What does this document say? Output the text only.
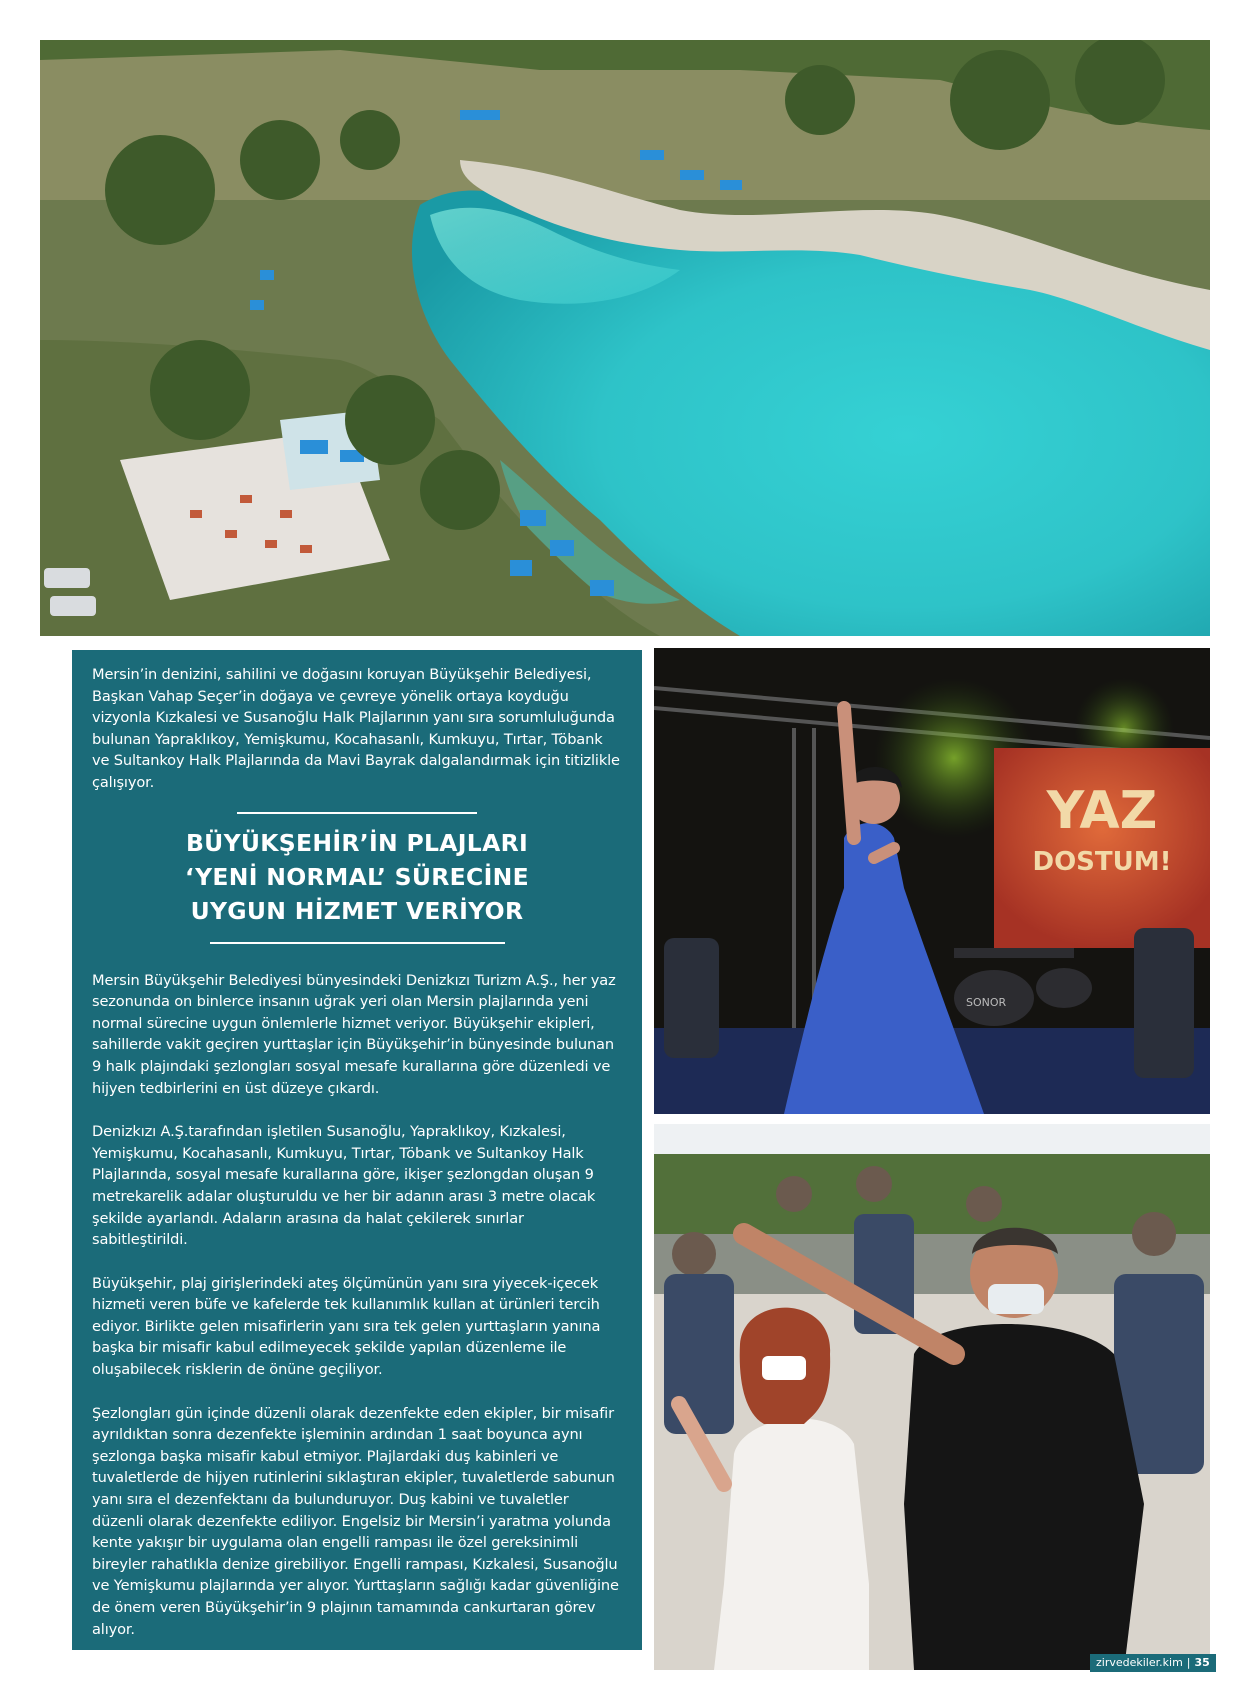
Mersin’in denizini, sahilini ve doğasını koruyan Büyükşehir Belediyesi, Başkan Vahap Seçer’in doğaya ve çevreye yönelik ortaya koyduğu vizyonla Kızkalesi ve Susanoğlu Halk Plajlarının yanı sıra sorumluluğunda bulunan Yapraklıkoy, Yemişkumu, Kocahasanlı, Kumkuyu, Tırtar, Töbank ve Sultankoy Halk Plajlarında da Mavi Bayrak dalgalandırmak için titizlikle çalışıyor.

BÜYÜKŞEHİR’İN PLAJLARI
‘YENİ NORMAL’ SÜRECİNE
UYGUN HİZMET VERİYOR

Mersin Büyükşehir Belediyesi bünyesindeki Denizkızı Turizm A.Ş., her yaz sezonunda on binlerce insanın uğrak yeri olan Mersin plajlarında yeni normal sürecine uygun önlemlerle hizmet veriyor. Büyükşehir ekipleri, sahillerde vakit geçiren yurttaşlar için Büyükşehir’in bünyesinde bulunan 9 halk plajındaki şezlongları sosyal mesafe kurallarına göre düzenledi ve hijyen tedbirlerini en üst düzeye çıkardı.

Denizkızı A.Ş.tarafından işletilen Susanoğlu, Yapraklıkoy, Kızkalesi, Yemişkumu, Kocahasanlı, Kumkuyu, Tırtar, Töbank ve Sultankoy Halk Plajlarında, sosyal mesafe kurallarına göre, ikişer şezlongdan oluşan 9 metrekarelik adalar oluşturuldu ve her bir adanın arası 3 metre olacak şekilde ayarlandı. Adaların arasına da halat çekilerek sınırlar sabitleştirildi.

Büyükşehir, plaj girişlerindeki ateş ölçümünün yanı sıra yiyecek-içecek hizmeti veren büfe ve kafelerde tek kullanımlık kullan at ürünleri tercih ediyor. Birlikte gelen misafirlerin yanı sıra tek gelen yurttaşların yanına başka bir misafir kabul edilmeyecek şekilde yapılan düzenleme ile oluşabilecek risklerin de önüne geçiliyor.

Şezlongları gün içinde düzenli olarak dezenfekte eden ekipler, bir misafir ayrıldıktan sonra dezenfekte işleminin ardından 1 saat boyunca aynı şezlonga başka misafir kabul etmiyor. Plajlardaki duş kabinleri ve tuvaletlerde de hijyen rutinlerini sıklaştıran ekipler, tuvaletlerde sabunun yanı sıra el dezenfektanı da bulunduruyor. Duş kabini ve tuvaletler düzenli olarak dezenfekte ediliyor. Engelsiz bir Mersin’i yaratma yolunda kente yakışır bir uygulama olan engelli rampası ile özel gereksinimli bireyler rahatlıkla denize girebiliyor. Engelli rampası, Kızkalesi, Susanoğlu ve Yemişkumu plajlarında yer alıyor. Yurttaşların sağlığı kadar güvenliğine de önem veren Büyükşehir’in 9 plajının tamamında cankurtaran görev alıyor.

YAZ
DOSTUM!
SONOR
zirvedekiler.kim | 35
